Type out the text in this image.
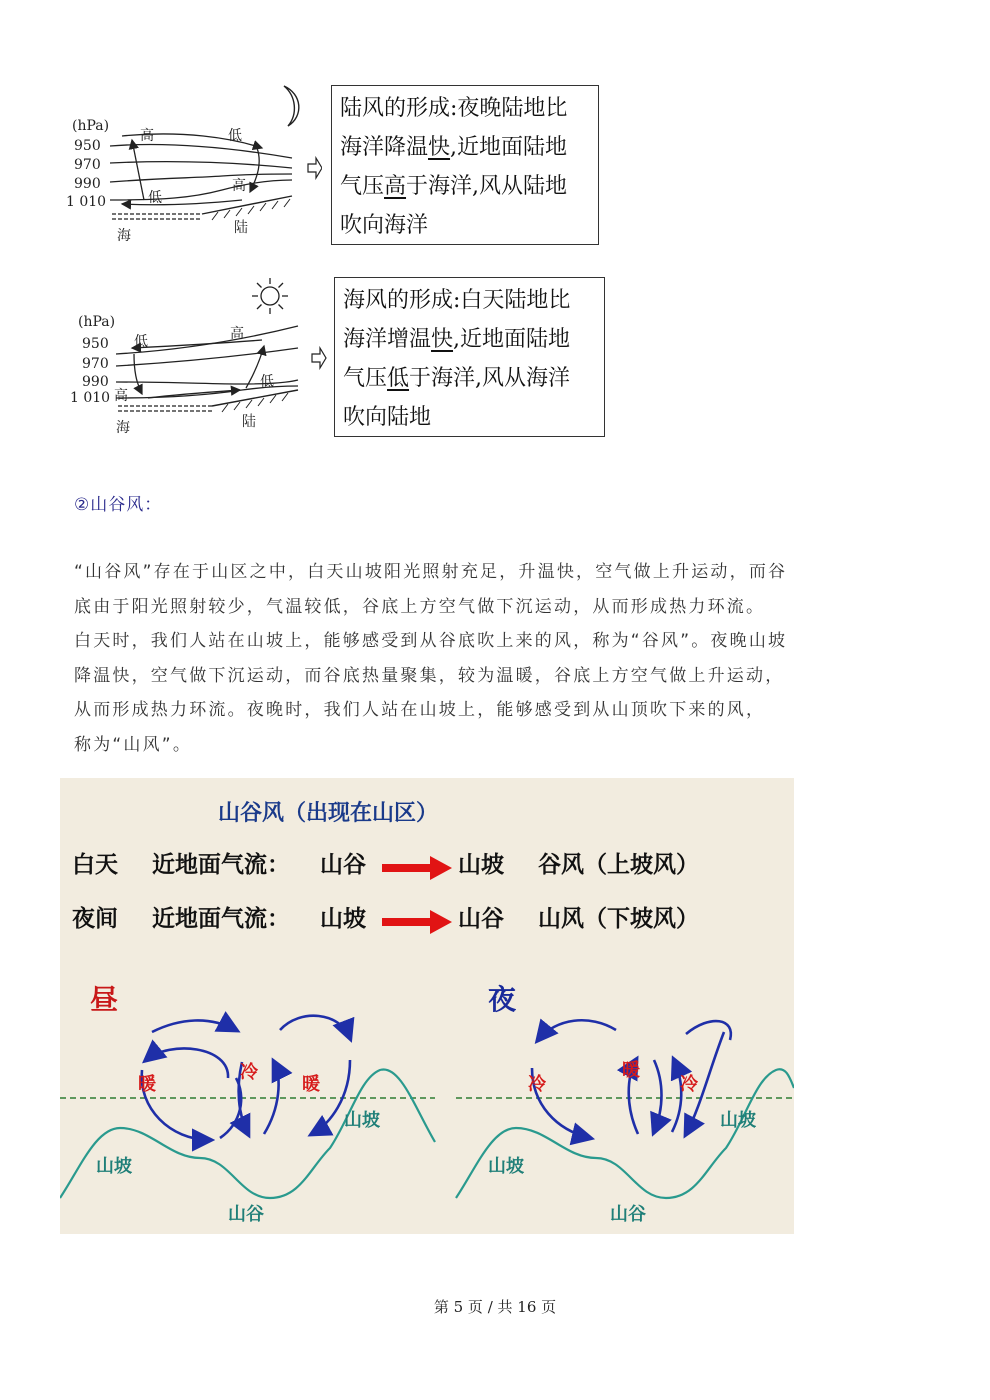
(hPa)
950
970
990
1 010
高	低
低
高
海	陆
陆风的形成:夜晚陆地比
海洋降温快,近地面陆地
气压高于海洋,风从陆地
吹向海洋
(hPa)
950
970
990
1 010
低	高
高
低
海	陆
海风的形成:白天陆地比
海洋增温快,近地面陆地
气压低于海洋,风从海洋
吹向陆地
②山谷风：

“山谷风”存在于山区之中，白天山坡阳光照射充足，升温快，空气做上升运动，而谷

底由于阳光照射较少，气温较低，谷底上方空气做下沉运动，从而形成热力环流。

白天时，我们人站在山坡上，能够感受到从谷底吹上来的风，称为“谷风”。夜晚山坡

降温快，空气做下沉运动，而谷底热量聚集，较为温暖，谷底上方空气做上升运动，

从而形成热力环流。夜晚时，我们人站在山坡上，能够感受到从山顶吹下来的风，

称为“山风”。

山谷风（出现在山区）
白天 近地面气流： 山谷	山坡 谷风（上坡风）
夜间 近地面气流： 山坡	山谷 山风（下坡风）
昼	夜
暖
冷
暖
山坡
山坡
山谷
冷
暖
冷
山坡
山坡
山谷
第 5 页 / 共 16 页
